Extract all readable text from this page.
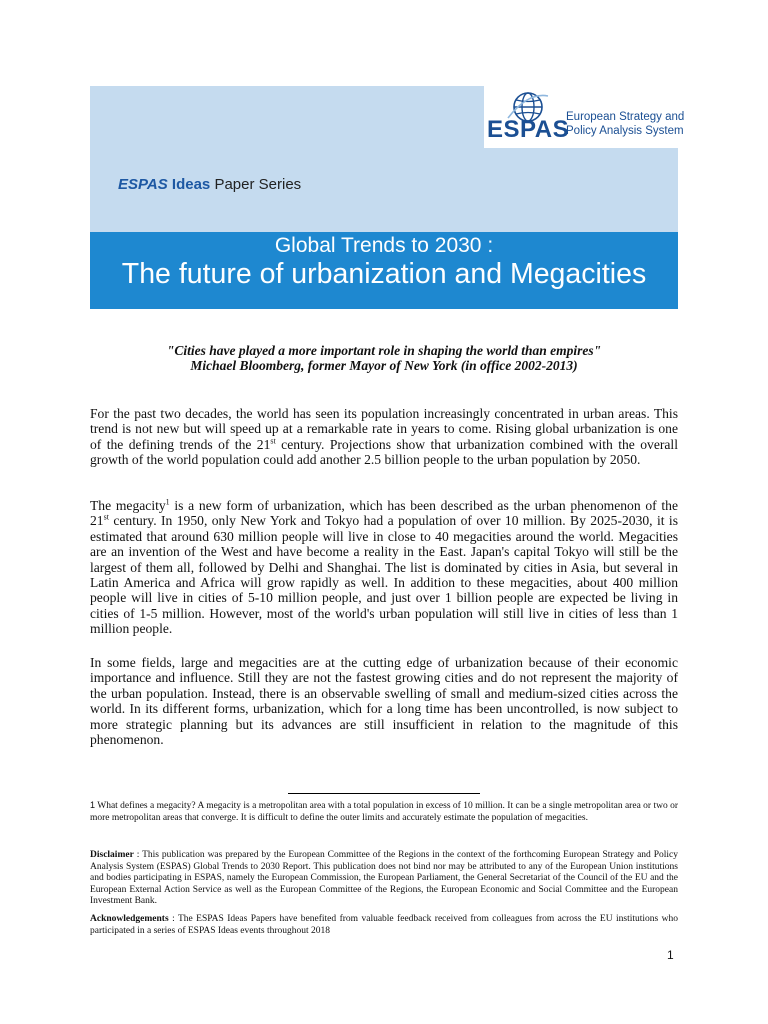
ESPAS
European Strategy and
Policy Analysis System
ESPAS Ideas Paper Series
Global Trends to 2030 :
The future of urbanization and Megacities
"Cities have played a more important role in shaping the world than empires"
Michael Bloomberg, former Mayor of New York (in office 2002-2013)
For the past two decades, the world has seen its population increasingly concentrated in urban areas. This trend is not new but will speed up at a remarkable rate in years to come. Rising global urbanization is one of the defining trends of the 21st century. Projections show that urbanization combined with the overall growth of the world population could add another 2.5 billion people to the urban population by 2050.
The megacity$^1$ is a new form of urbanization, which has been described as the urban phenomenon of the 21st century. In 1950, only New York and Tokyo had a population of over 10 million. By 2025-2030, it is estimated that around 630 million people will live in close to 40 megacities around the world. Megacities are an invention of the West and have become a reality in the East. Japan's capital Tokyo will still be the largest of them all, followed by Delhi and Shanghai. The list is dominated by cities in Asia, but several in Latin America and Africa will grow rapidly as well. In addition to these megacities, about 400 million people will live in cities of 5-10 million people, and just over 1 billion people are expected be living in cities of 1-5 million. However, most of the world's urban population will still live in cities of less than 1 million people.
In some fields, large and megacities are at the cutting edge of urbanization because of their economic importance and influence. Still they are not the fastest growing cities and do not represent the majority of the urban population. Instead, there is an observable swelling of small and medium-sized cities across the world. In its different forms, urbanization, which for a long time has been uncontrolled, is now subject to more strategic planning but its advances are still insufficient in relation to the magnitude of this phenomenon.
1 What defines a megacity? A megacity is a metropolitan area with a total population in excess of 10 million. It can be a single metropolitan area or two or more metropolitan areas that converge. It is difficult to define the outer limits and accurately estimate the population of megacities.
Disclaimer : This publication was prepared by the European Committee of the Regions in the context of the forthcoming European Strategy and Policy Analysis System (ESPAS) Global Trends to 2030 Report. This publication does not bind nor may be attributed to any of the European Union institutions and bodies participating in ESPAS, namely the European Commission, the European Parliament, the General Secretariat of the Council of the EU and the European External Action Service as well as the European Committee of the Regions, the European Economic and Social Committee and the European Investment Bank.
Acknowledgements : The ESPAS Ideas Papers have benefited from valuable feedback received from colleagues from across the EU institutions who participated in a series of ESPAS Ideas events throughout 2018
1
